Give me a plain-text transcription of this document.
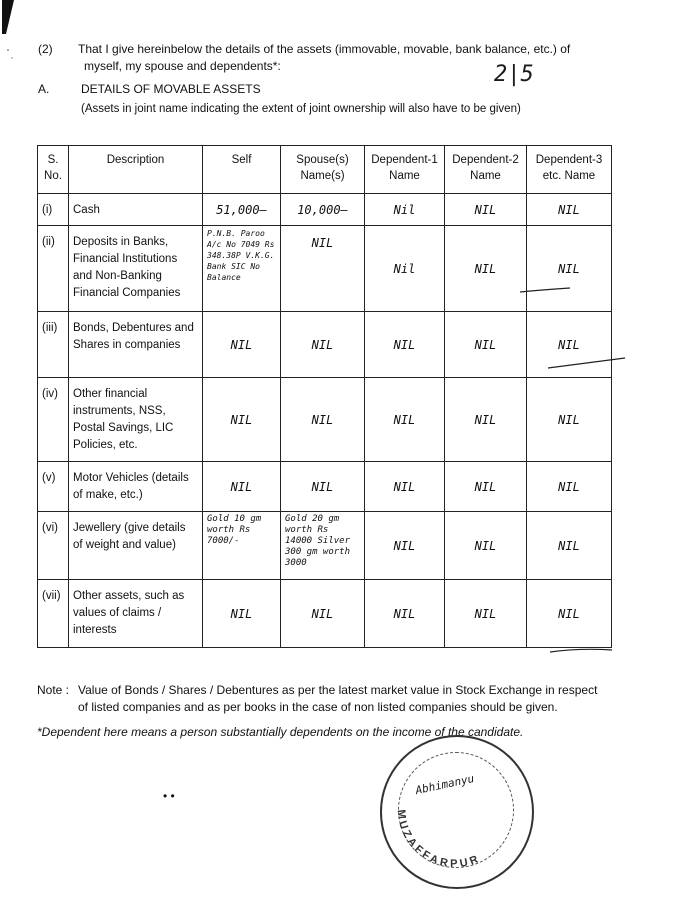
(2) That I give hereinbelow the details of the assets (immovable, movable, bank balance, etc.) of
myself, my spouse and dependents*:	2|5
A.	DETAILS OF MOVABLE ASSETS
(Assets in joint name indicating the extent of joint ownership will also have to be given)
S. No.	Description	Self	Spouse(s) Name(s)	Dependent-1 Name	Dependent-2 Name	Dependent-3 etc. Name
(i)	Cash	51,000—	10,000—	Nil	NIL	NIL
(ii)	Deposits in Banks, Financial Institutions and Non-Banking Financial Companies	P.N.B. Paroo A/c No 7049 Rs 348.38P V.K.G. Bank SIC No Balance	NIL	Nil	NIL	NIL
(iii)	Bonds, Debentures and Shares in companies	NIL	NIL	NIL	NIL	NIL
(iv)	Other financial instruments, NSS, Postal Savings, LIC Policies, etc.	NIL	NIL	NIL	NIL	NIL
(v)	Motor Vehicles (details of make, etc.)	NIL	NIL	NIL	NIL	NIL
(vi)	Jewellery (give details of weight and value)	Gold 10 gm worth Rs 7000/-	Gold 20 gm worth Rs 14000 Silver 300 gm worth 3000	NIL	NIL	NIL
(vii)	Other assets, such as values of claims / interests	NIL	NIL	NIL	NIL	NIL
Note : Value of Bonds / Shares / Debentures as per the latest market value in Stock Exchange in respect
of listed companies and as per books in the case of non listed companies should be given.
*Dependent here means a person substantially dependents on the income of the candidate.
• •
MUZAFFARPUR
Abhimanyu
